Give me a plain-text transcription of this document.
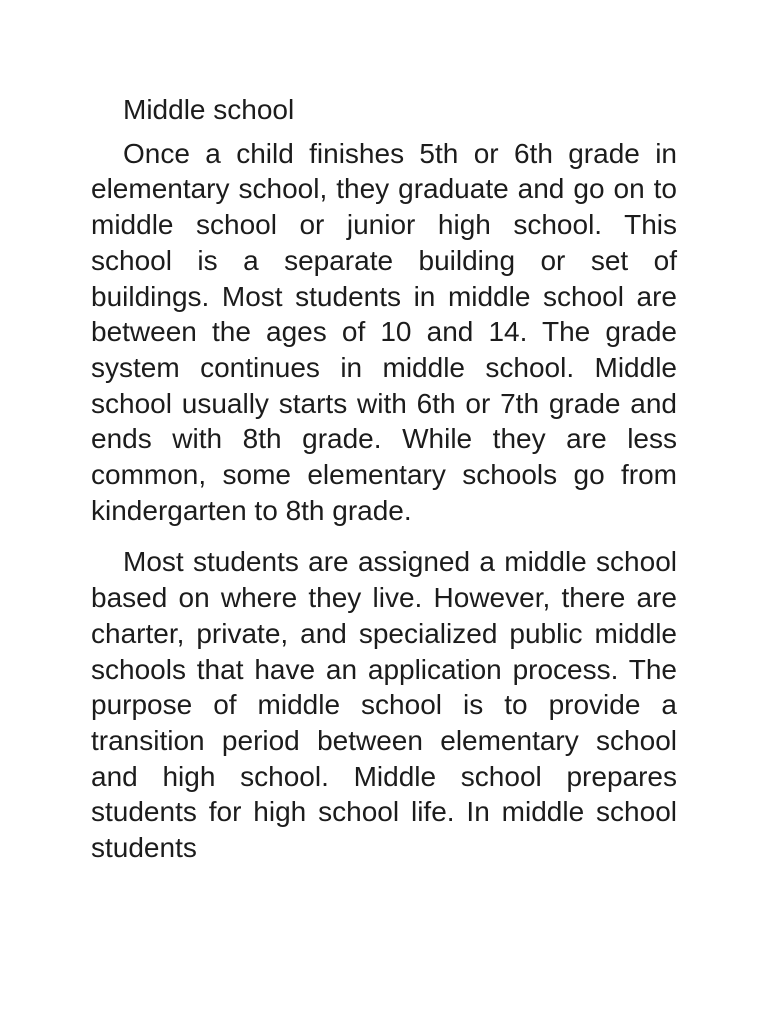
Middle school

Once a child finishes 5th or 6th grade in elementary school, they graduate and go on to middle school or junior high school. This school is a separate building or set of buildings. Most students in middle school are between the ages of 10 and 14. The grade system continues in middle school. Middle school usually starts with 6th or 7th grade and ends with 8th grade. While they are less common, some elementary schools go from kindergarten to 8th grade.

Most students are assigned a middle school based on where they live. However, there are charter, private, and specialized public middle schools that have an application process. The purpose of middle school is to provide a transition period between elementary school and high school. Middle school prepares students for high school life. In middle school students
